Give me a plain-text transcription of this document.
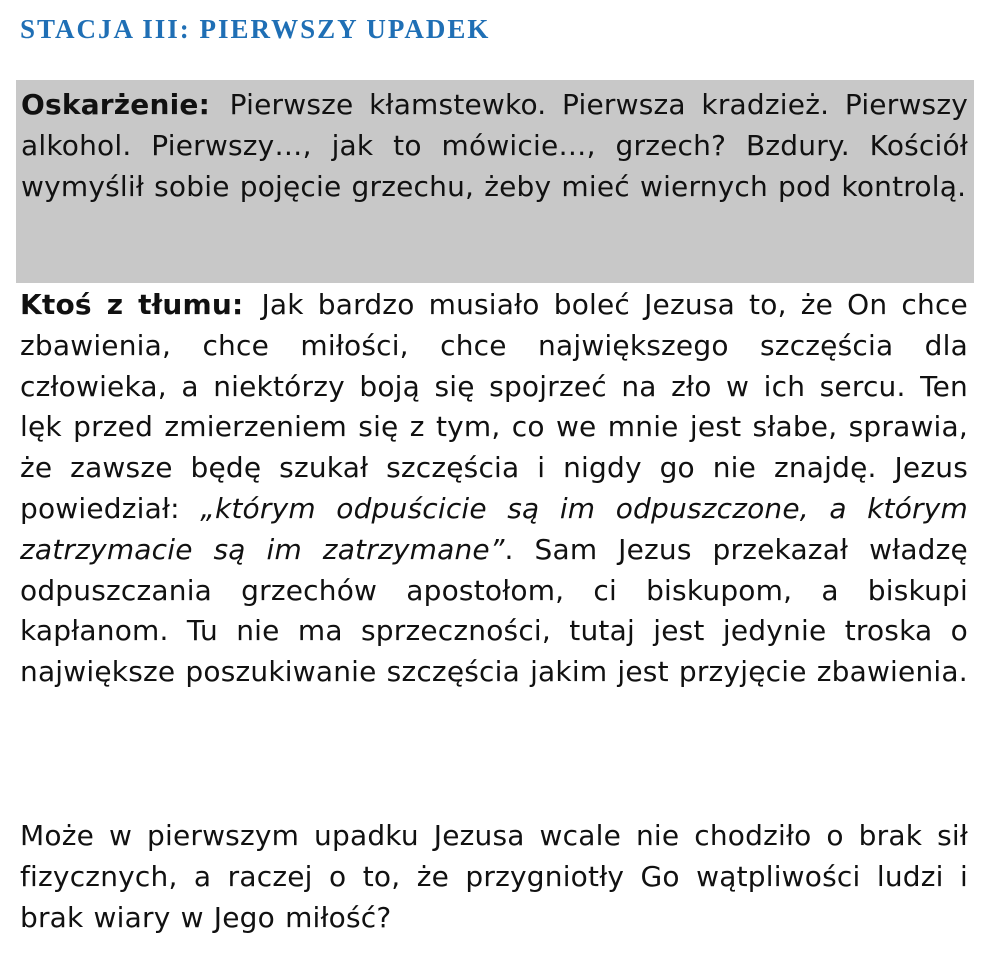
STACJA III: PIERWSZY UPADEK
Oskarżenie: Pierwsze kłamstewko. Pierwsza kradzież. Pierwszy alkohol. Pierwszy…, jak to mówicie…, grzech? Bzdury. Kościół wymyślił sobie pojęcie grzechu, żeby mieć wiernych pod kontrolą.
Ktoś z tłumu: Jak bardzo musiało boleć Jezusa to, że On chce zbawienia, chce miłości, chce największego szczęścia dla człowieka, a niektórzy boją się spojrzeć na zło w ich sercu. Ten lęk przed zmierzeniem się z tym, co we mnie jest słabe, sprawia, że zawsze będę szukał szczęścia i nigdy go nie znajdę. Jezus powiedział: „którym odpuścicie są im odpuszczone, a którym zatrzymacie są im zatrzymane”. Sam Jezus przekazał władzę odpuszczania grzechów apostołom, ci biskupom, a biskupi kapłanom. Tu nie ma sprzeczności, tutaj jest jedynie troska o największe poszukiwanie szczęścia jakim jest przyjęcie zbawienia.
Może w pierwszym upadku Jezusa wcale nie chodziło o brak sił fizycznych, a raczej o to, że przygniotły Go wątpliwości ludzi i brak wiary w Jego miłość?
